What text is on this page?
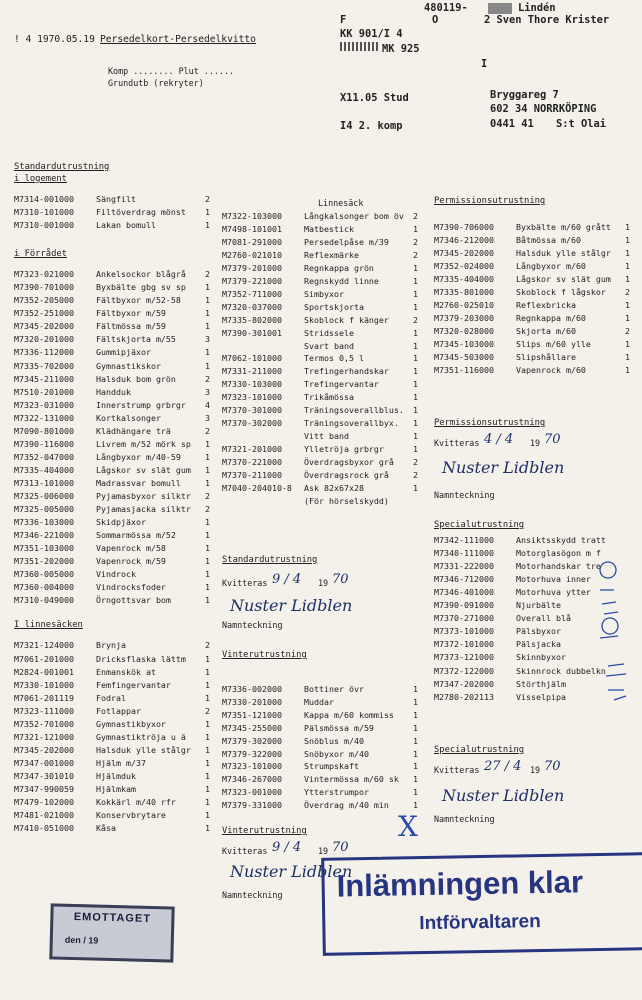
! 4 1970.05.19 Persedelkort-Persedelkvitto
Komp ........ Plut ......
Grundutb (rekryter)
480119-	Lindén
F	O	2 Sven Thore Krister
KK 901/I 4
MK 925
I
X11.05 Stud	Bryggareg 7
602 34 NORRKÖPING
I4 2. komp	0441 41 S:t Olai
Standardutrustning
i logement
M7314-001000	Sängfilt	2
M7310-101000	Filtöverdrag mönst 1
M7310-001000	Lakan bomull	1
i Förrådet
M7323-021000	Ankelsockor blågrå 2
M7390-701000	Byxbälte gbg sv sp 1
M7352-205000	Fältbyxor m/52-58	1
M7352-251000	Fältbyxor m/59	1
M7345-202000	Fältmössa m/59	1
M7320-201000	Fältskjorta m/55	3
M7336-112000	Gummipjäxor	1
M7335-702000	Gymnastikskor	1
M7345-211000	Halsduk bom grön	2
M7510-201000	Handduk	3
M7323-031000	Innerstrump grbrgr 4
M7322-131000	Kortkalsonger	3
M7090-801000	Klädhängare trä	2
M7390-116000	Livrem m/52 mörk sp 1
M7352-047000	Långbyxor m/40-59	1
M7335-404000	Lågskor sv slät gum 1
M7313-101000	Madrassvar bomull	1
M7325-006000	Pyjamasbyxor silktr 2
M7325-005000	Pyjamasjacka silktr 2
M7336-103000	Skidpjäxor	1
M7346-221000	Sommarmössa m/52	1
M7351-103000	Vapenrock m/58	1
M7351-202000	Vapenrock m/59	1
M7360-005000	Vindrock	1
M7360-004000	Vindrocksfoder	1
M7310-049000	Örngottsvar bom	1
I linnesäcken
M7321-124000	Brynja	2
M7061-201000	Dricksflaska lättm 1
M2824-001001	Enmanskök at	1
M7330-101000	Femfingervantar	1
M7061-201119	Fodral	1
M7323-111000	Fotlappar	2
M7352-701000	Gymnastikbyxor	1
M7321-121000	Gymnastiktröja u ä 1
M7345-202000	Halsduk ylle stålgr 1
M7347-001000	Hjälm m/37	1
M7347-301010	Hjälmduk	1
M7347-990059	Hjälmkam	1
M7479-102000	Kokkärl m/40 rfr	1
M7481-021000	Konservbrytare	1
M7410-051000	Kåsa	1
Linnesäck
M7322-103000	Långkalsonger bom öv 2
M7498-101001	Matbestick	1
M7081-291000	Persedelpåse m/39	2
M2760-021010	Reflexmärke	2
M7379-201000	Regnkappa grön	1
M7379-221000	Regnskydd linne	1
M7352-711000	Simbyxor	1
M7320-037000	Sportskjorta	1
M7335-802000	Skoblock f känger	2
M7390-301001	Stridssele	1
Svart band	1
M7062-101000	Termos 0,5 l	1
M7331-211000	Trefingerhandskar	1
M7330-103000	Trefingervantar	1
M7323-101000	Trikåmössa	1
M7370-301000	Träningsoverallblus. 1
M7370-302000	Träningsoverallbyx. 1
Vitt band	1
M7321-201000	Ylletröja grbrgr	1
M7370-221000	Överdragsbyxor grå 2
M7370-211000	Överdragsrock grå	2
M7040-204010-8 Ask 82x67x28	1
(För hörselskydd)
M7336-002000	Bottiner övr	1
M7330-201000	Muddar	1
M7351-121000	Kappa m/60 kommiss 1
M7345-255000	Pälsmössa m/59	1
M7379-302000	Snöblus m/40	1
M7379-322000	Snöbyxor m/40	1
M7323-101000	Strumpskaft	1
M7346-267000	Vintermössa m/60 sk 1
M7323-001000	Ytterstrumpor	1
M7379-331000	Överdrag m/40 min	1
Vinterutrustning
Permissionsutrustning
M7390-706000	Byxbälte m/60 grått 1
M7346-212000	Båtmössa m/60	1
M7345-202000	Halsduk ylle stålgr 1
M7352-024000	Långbyxor m/60	1
M7335-404000	Lågskor sv slät gum 1
M7335-801000	Skoblock f lågskor 2
M2760-025010	Reflexbricka	1
M7379-203000	Regnkappa m/60	1
M7320-028000	Skjorta m/60	2
M7345-103000	Slips m/60 ylle	1
M7345-503000	Slipshållare	1
M7351-116000	Vapenrock m/60	1
Specialutrustning
M7342-111000	Ansiktsskydd tratt
M7340-111000	Motorglasögon m f
M7331-222000	Motorhandskar tre
M7346-712000	Motorhuva inner
M7346-401000	Motorhuva ytter
M7390-091000	Njurbälte
M7370-271000	Overall blå
M7373-101000	Pälsbyxor
M7372-101000	Pälsjacka
M7373-121000	Skinnbyxor
M7372-122000	Skinnrock dubbelkn
M7347-202000	Störthjälm
M2780-202113	Visselpipa
Standardutrustning
Kvitteras 9 / 4 19 70
Nuster Lidblen
Namnteckning
Permissionsutrustning
Kvitteras 4 / 4 19 70
Nuster Lidblen
Namnteckning
Specialutrustning
Kvitteras 27 / 4 19 70
Nuster Lidblen
Namnteckning
Vinterutrustning
Kvitteras 9 / 4 19 70
Nuster Lidblen
Namnteckning
X
EMOTTAGET
den / 19
Inlämningen klar
Intförvaltaren
